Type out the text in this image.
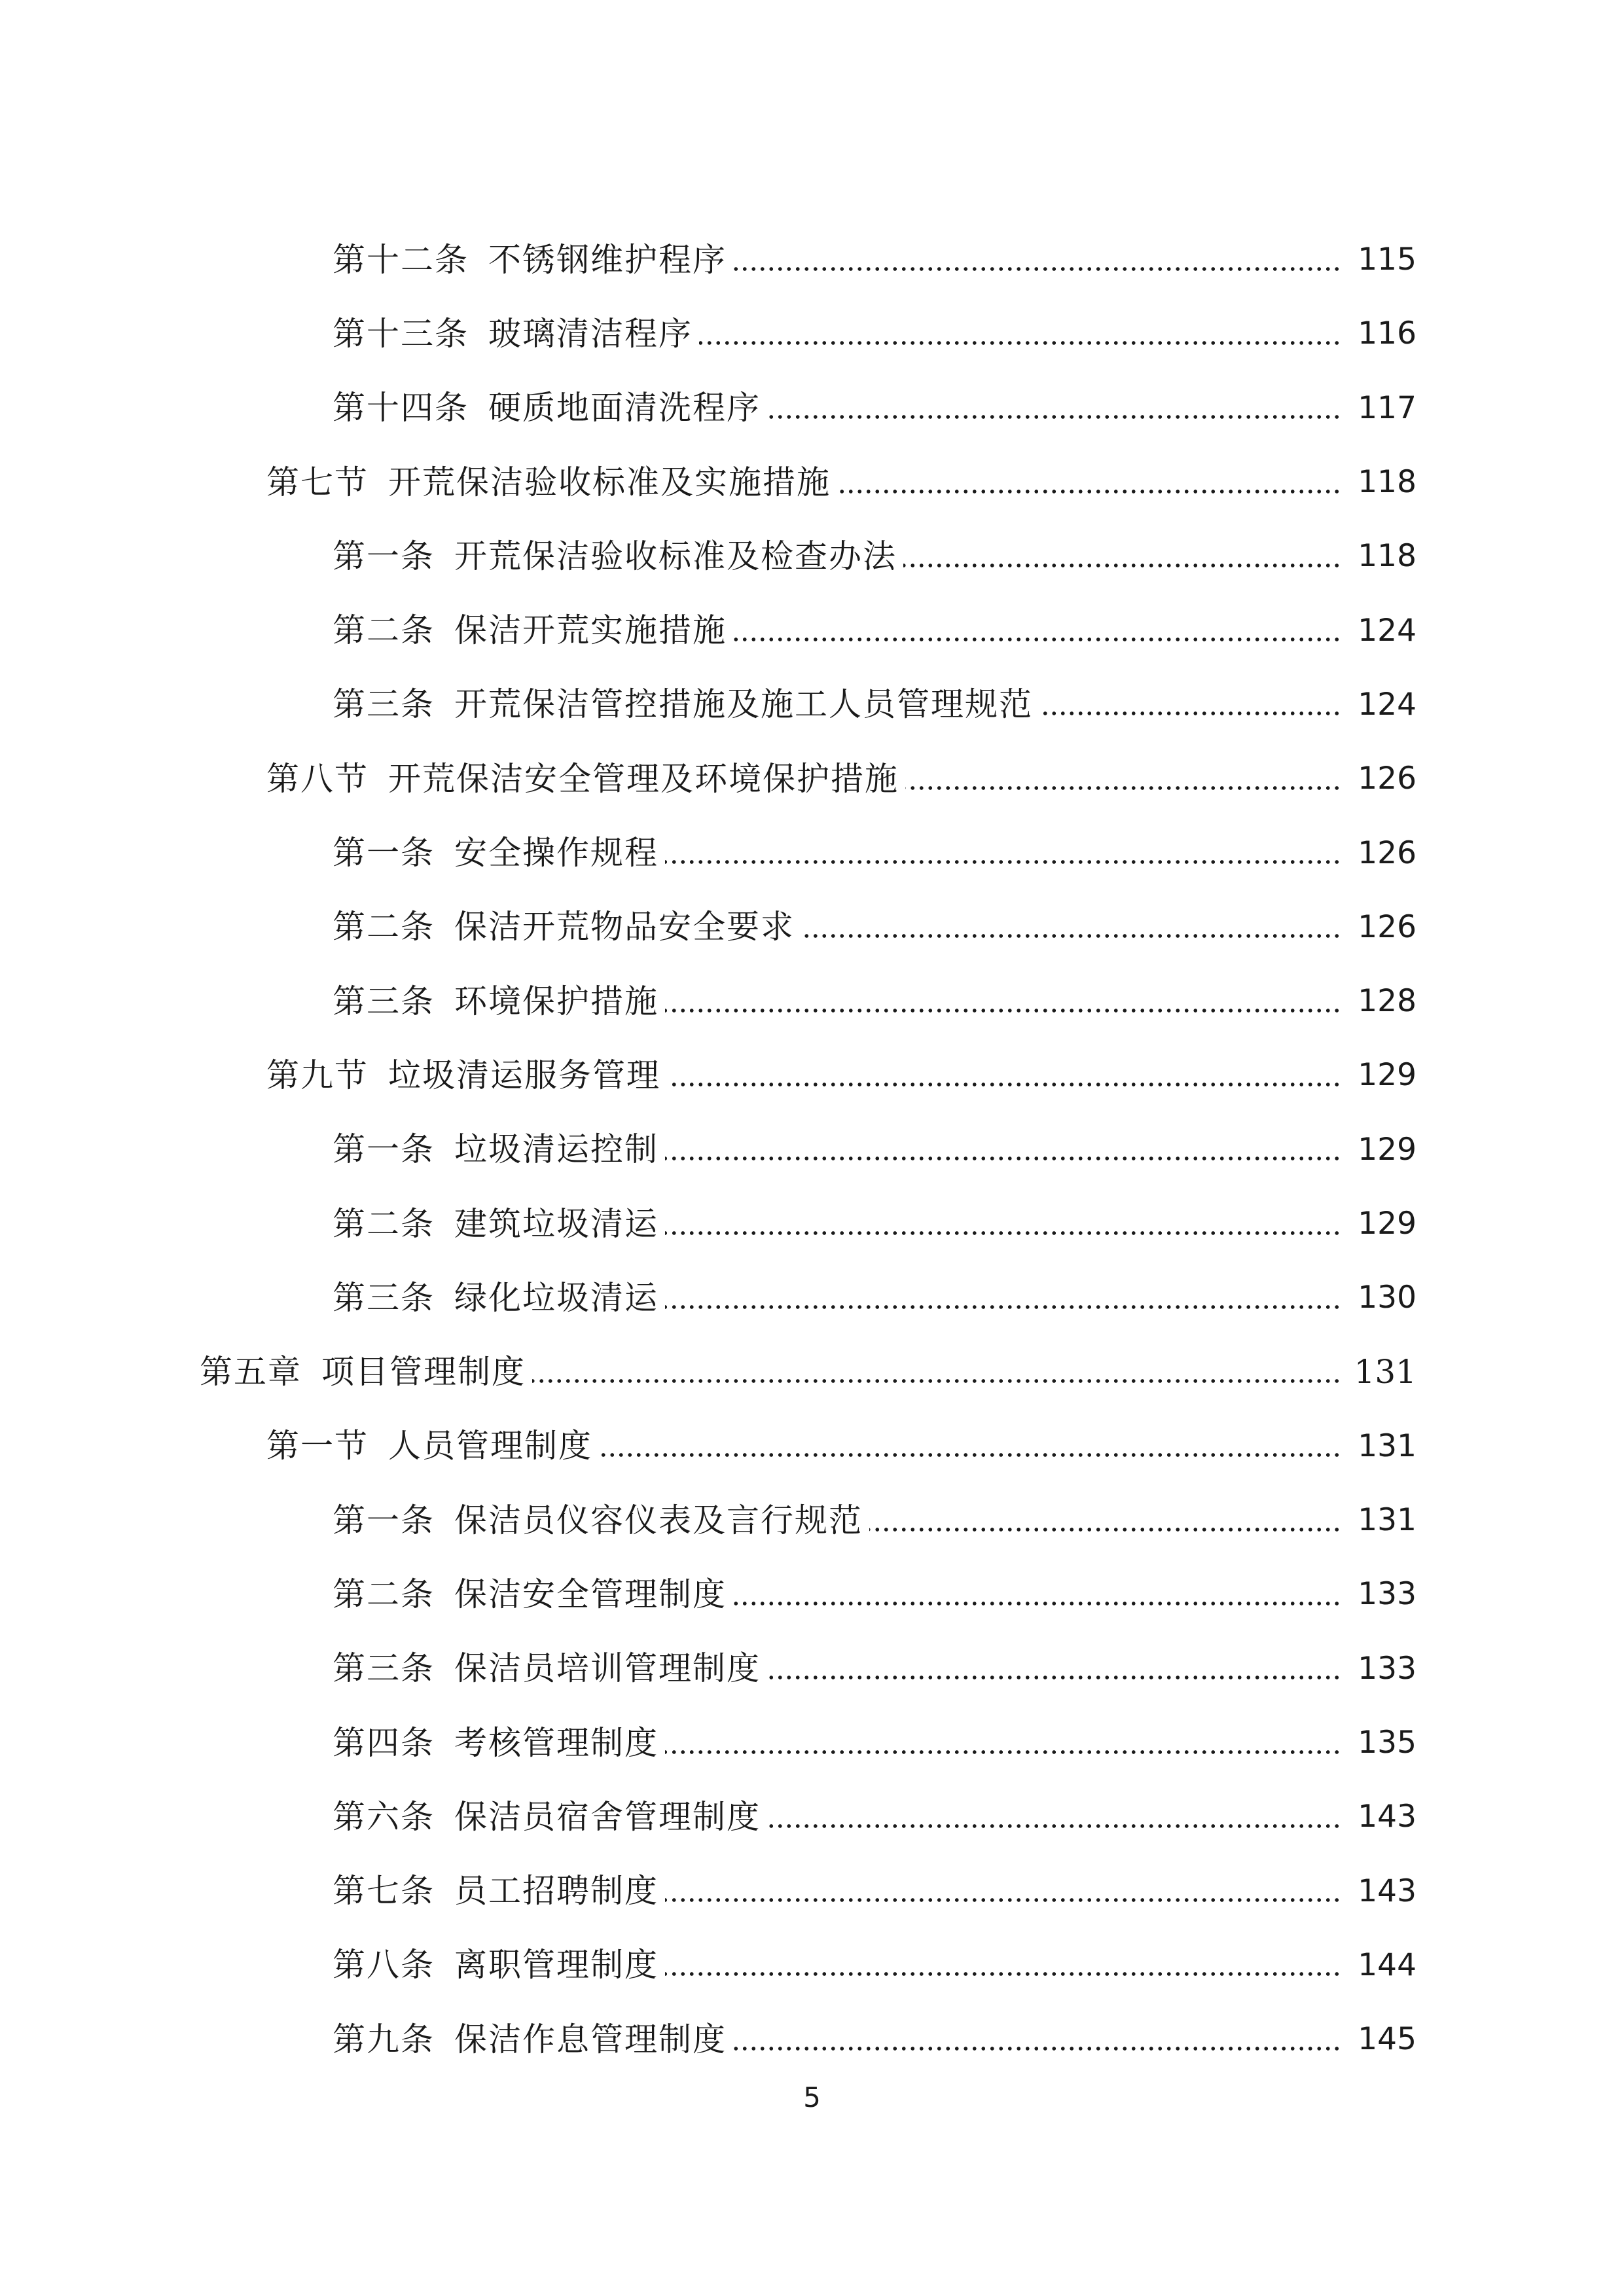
第十二条 不锈钢维护程序	115
第十三条 玻璃清洁程序	116
第十四条 硬质地面清洗程序	117
第七节 开荒保洁验收标准及实施措施	118
第一条 开荒保洁验收标准及检查办法	118
第二条 保洁开荒实施措施	124
第三条 开荒保洁管控措施及施工人员管理规范	124
第八节 开荒保洁安全管理及环境保护措施	126
第一条 安全操作规程	126
第二条 保洁开荒物品安全要求	126
第三条 环境保护措施	128
第九节 垃圾清运服务管理	129
第一条 垃圾清运控制	129
第二条 建筑垃圾清运	129
第三条 绿化垃圾清运	130
第五章 项目管理制度	131
第一节 人员管理制度	131
第一条 保洁员仪容仪表及言行规范	131
第二条 保洁安全管理制度	133
第三条 保洁员培训管理制度	133
第四条 考核管理制度	135
第六条 保洁员宿舍管理制度	143
第七条 员工招聘制度	143
第八条 离职管理制度	144
第九条 保洁作息管理制度	145
5
